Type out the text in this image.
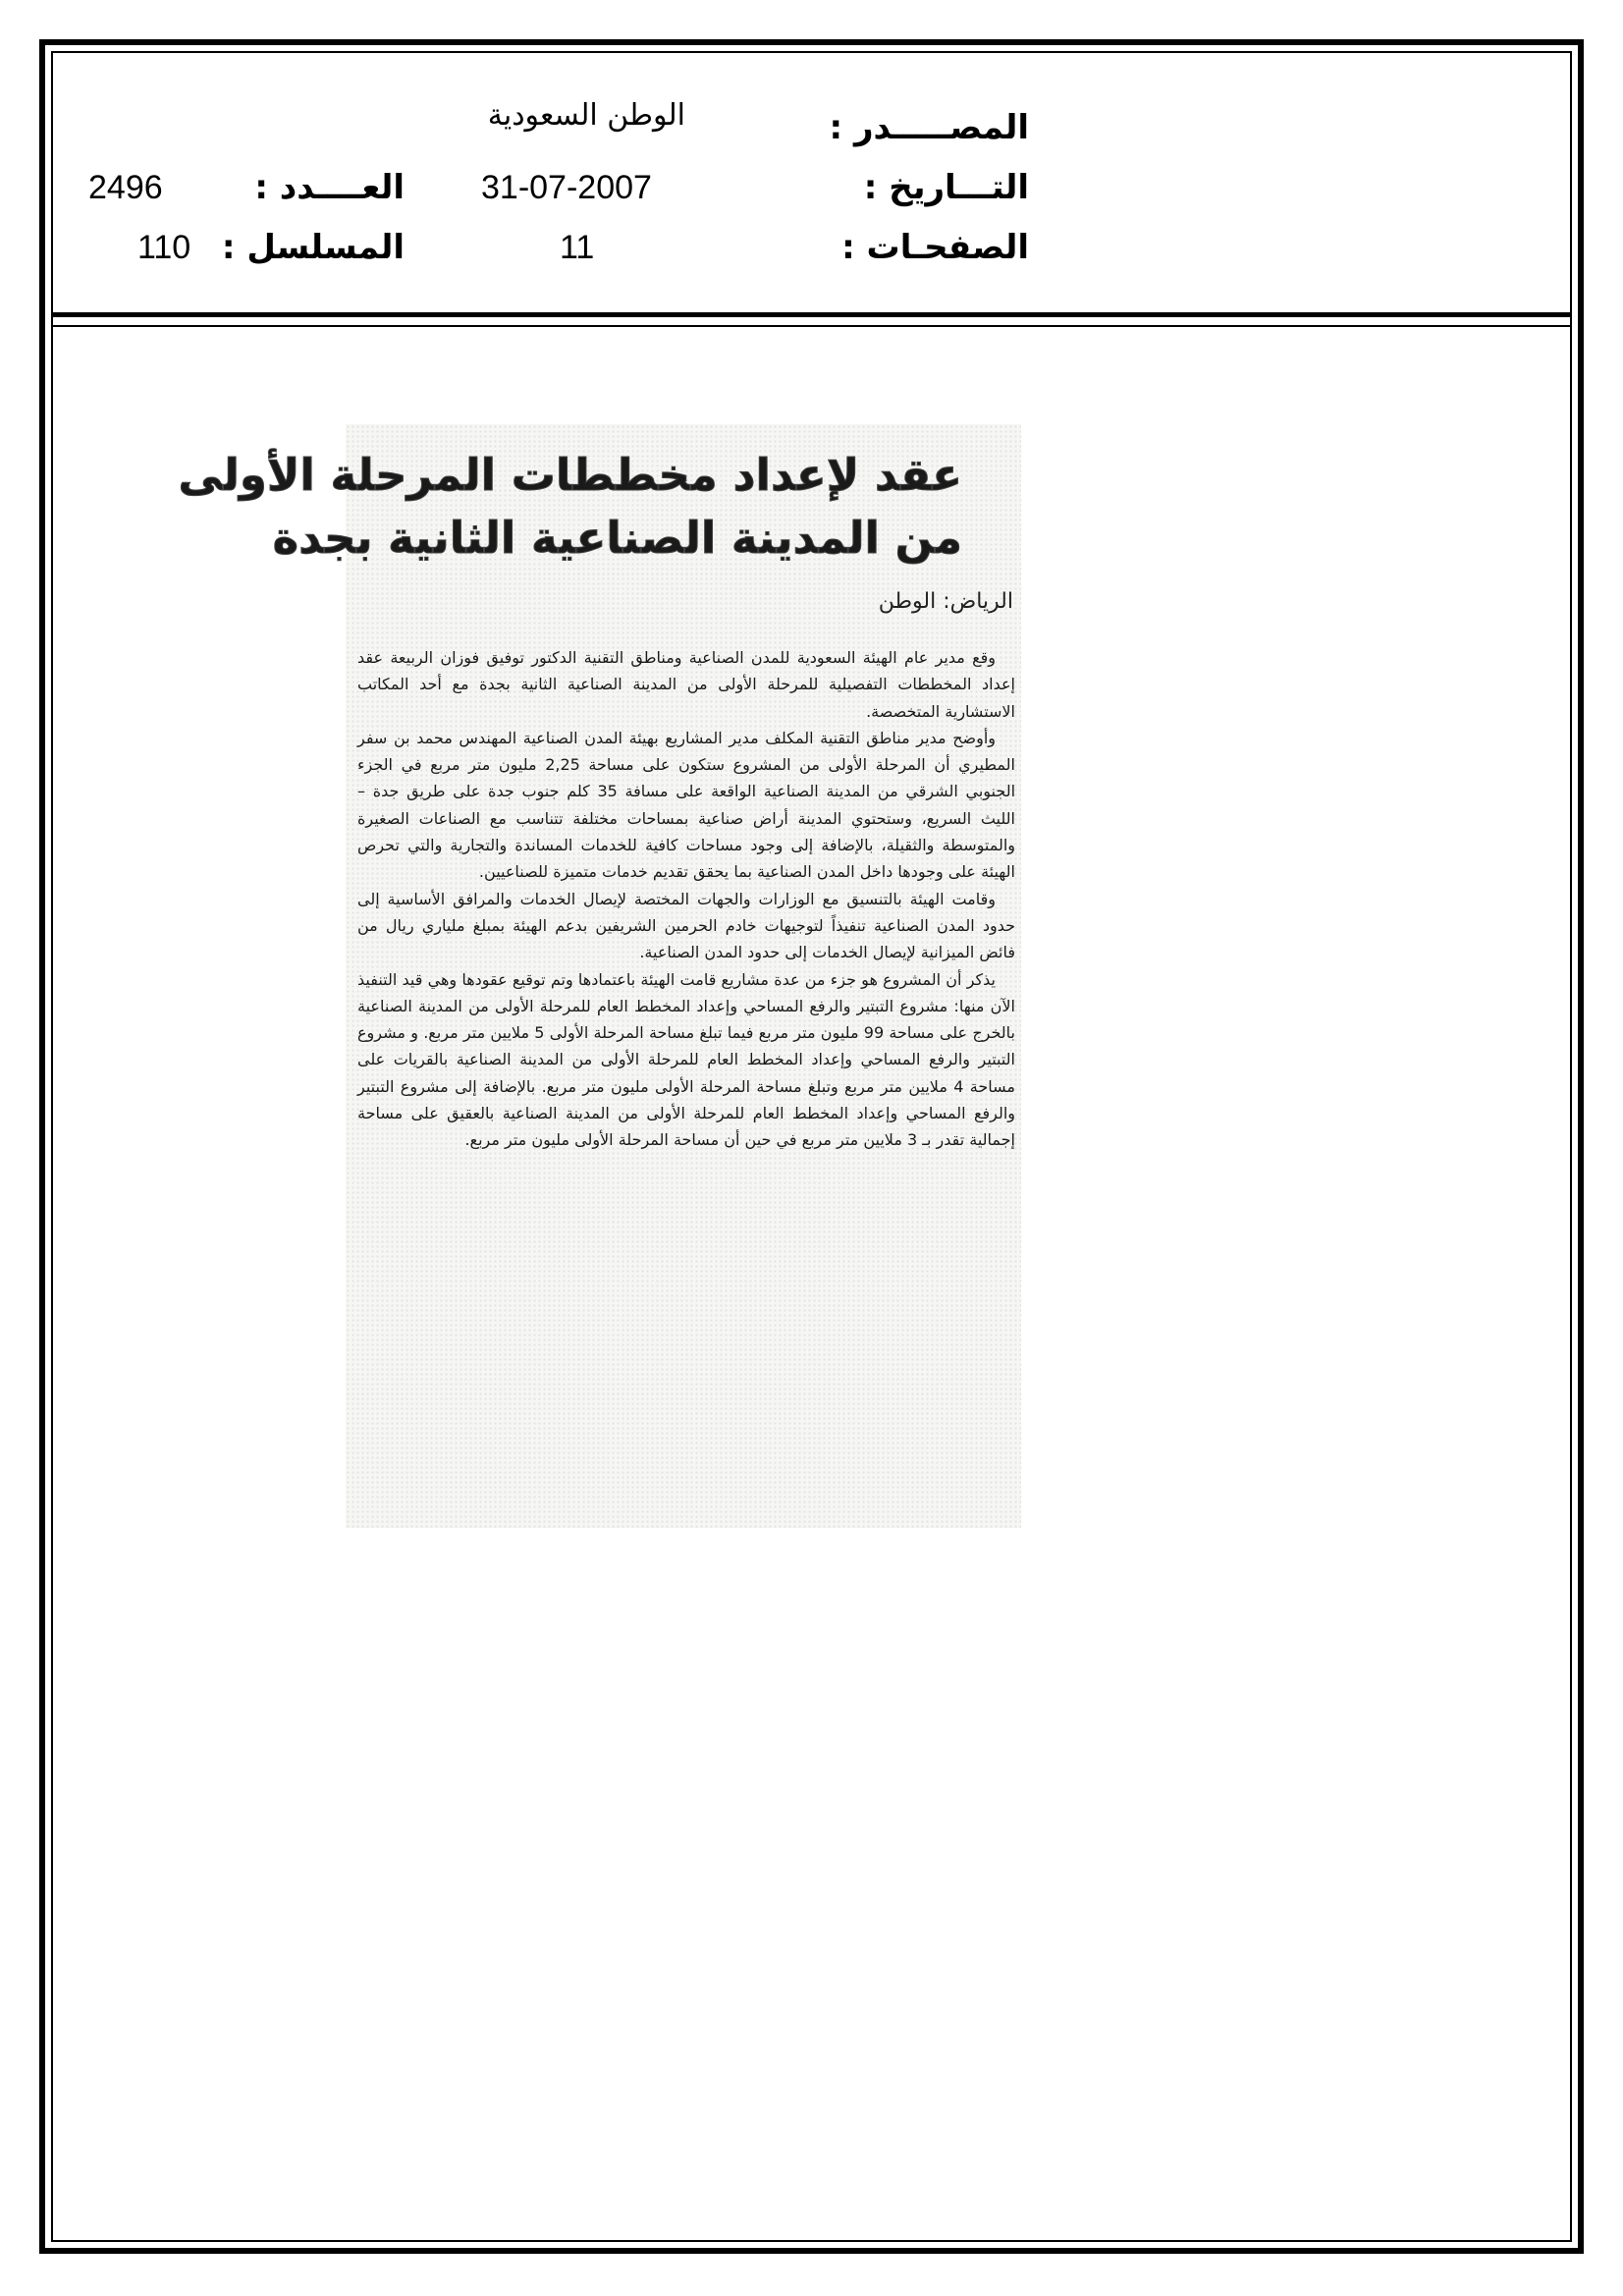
المصـــــدر :
الوطن السعودية
التـــاريخ :
31-07-2007
العــــدد :
2496
الصفحـات :
11
المسلسل :
110
عقد لإعداد مخططات المرحلة الأولى
من المدينة الصناعية الثانية بجدة
الرياض: الوطن

وقع مدير عام الهيئة السعودية للمدن الصناعية ومناطق التقنية الدكتور توفيق فوزان الربيعة عقد إعداد المخططات التفصيلية للمرحلة الأولى من المدينة الصناعية الثانية بجدة مع أحد المكاتب الاستشارية المتخصصة.

وأوضح مدير مناطق التقنية المكلف مدير المشاريع بهيئة المدن الصناعية المهندس محمد بن سفر المطيري أن المرحلة الأولى من المشروع ستكون على مساحة 2,25 مليون متر مربع في الجزء الجنوبي الشرقي من المدينة الصناعية الواقعة على مسافة 35 كلم جنوب جدة على طريق جدة – الليث السريع، وستحتوي المدينة أراض صناعية بمساحات مختلفة تتناسب مع الصناعات الصغيرة والمتوسطة والثقيلة، بالإضافة إلى وجود مساحات كافية للخدمات المساندة والتجارية والتي تحرص الهيئة على وجودها داخل المدن الصناعية بما يحقق تقديم خدمات متميزة للصناعيين.

وقامت الهيئة بالتنسيق مع الوزارات والجهات المختصة لإيصال الخدمات والمرافق الأساسية إلى حدود المدن الصناعية تنفيذاً لتوجيهات خادم الحرمين الشريفين بدعم الهيئة بمبلغ ملياري ريال من فائض الميزانية لإيصال الخدمات إلى حدود المدن الصناعية.

يذكر أن المشروع هو جزء من عدة مشاريع قامت الهيئة باعتمادها وتم توقيع عقودها وهي قيد التنفيذ الآن منها: مشروع التبتير والرفع المساحي وإعداد المخطط العام للمرحلة الأولى من المدينة الصناعية بالخرج على مساحة 99 مليون متر مربع فيما تبلغ مساحة المرحلة الأولى 5 ملايين متر مربع. و مشروع التبتير والرفع المساحي وإعداد المخطط العام للمرحلة الأولى من المدينة الصناعية بالقريات على مساحة 4 ملايين متر مربع وتبلغ مساحة المرحلة الأولى مليون متر مربع. بالإضافة إلى مشروع التبتير والرفع المساحي وإعداد المخطط العام للمرحلة الأولى من المدينة الصناعية بالعقيق على مساحة إجمالية تقدر بـ 3 ملايين متر مربع في حين أن مساحة المرحلة الأولى مليون متر مربع.
